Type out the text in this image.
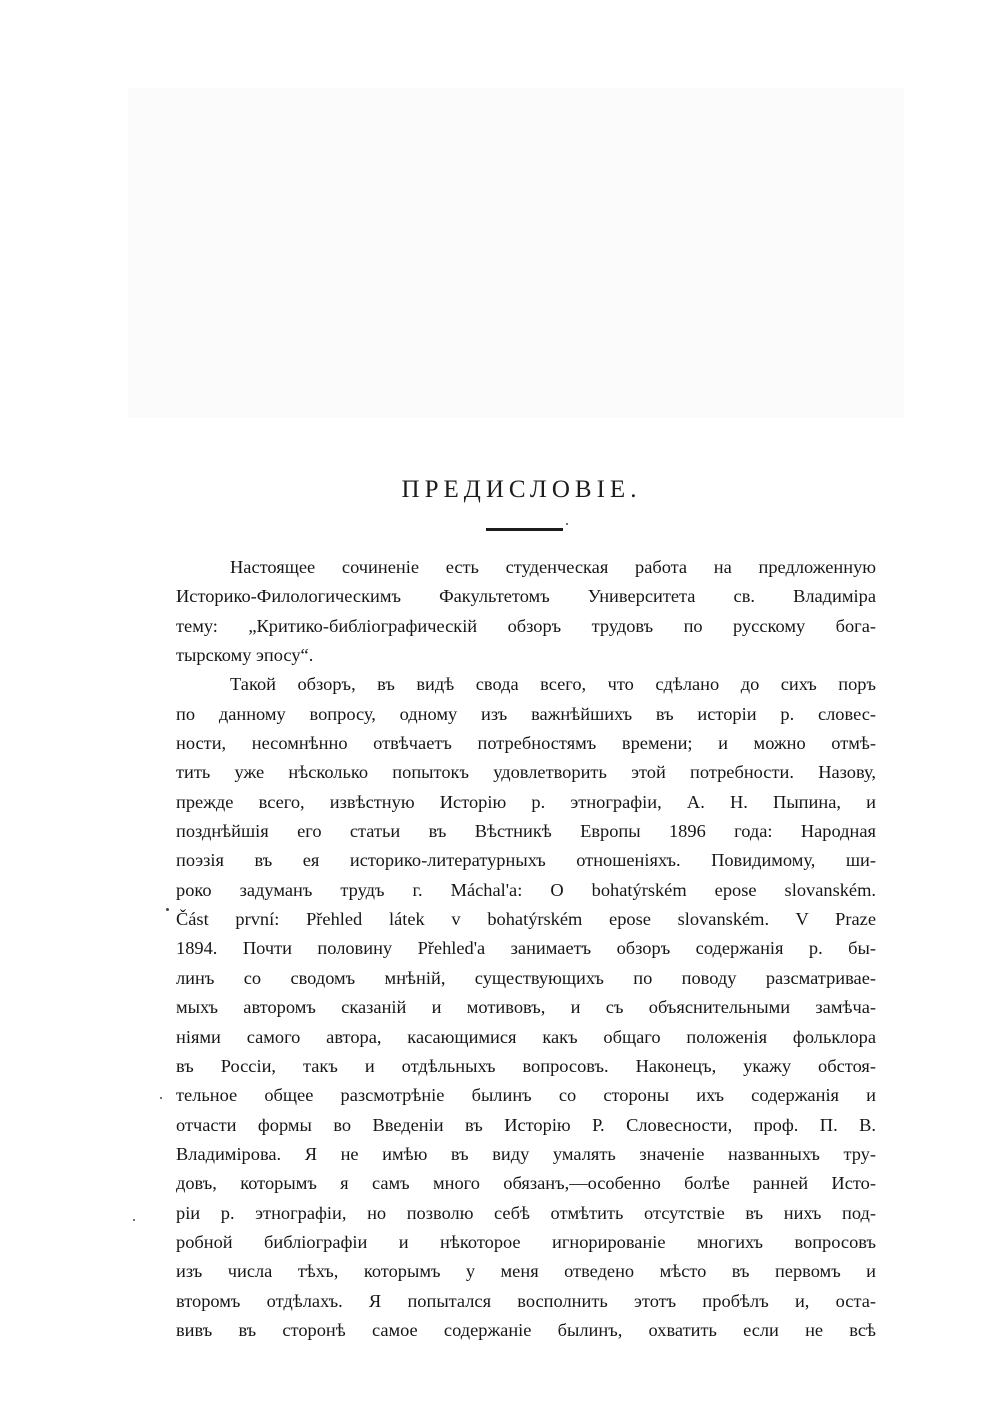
ПРЕДИСЛОВІЕ.
Настоящее сочиненіе есть студенческая работа на предложенную
Историко-Филологическимъ Факультетомъ Университета св. Владиміра
тему: „Критико-библіографическій обзоръ трудовъ по русскому бога-
тырскому эпосу“.
Такой обзоръ, въ видѣ свода всего, что сдѣлано до сихъ поръ
по данному вопросу, одному изъ важнѣйшихъ въ исторіи р. словес-
ности, несомнѣнно отвѣчаетъ потребностямъ времени; и можно отмѣ-
тить уже нѣсколько попытокъ удовлетворить этой потребности. Назову,
прежде всего, извѣстную Исторію р. этнографіи, А. Н. Пыпина, и
позднѣйшія его статьи въ Вѣстникѣ Европы 1896 года: Народная
поэзія въ ея историко-литературныхъ отношеніяхъ. Повидимому, ши-
роко задуманъ трудъ г. Máchal'а: O bohatýrském eposе slovanském.
Část první: Přehled látek v bohatýrském eposе slovanském. V Praze
1894. Почти половину Přehled'а занимаетъ обзоръ содержанія р. бы-
линъ со сводомъ мнѣній, существующихъ по поводу разсматривае-
мыхъ авторомъ сказаній и мотивовъ, и съ объяснительными замѣча-
ніями самого автора, касающимися какъ общаго положенія фольклора
въ Россіи, такъ и отдѣльныхъ вопросовъ. Наконецъ, укажу обстоя-
тельное общее разсмотрѣніе былинъ со стороны ихъ содержанія и
отчасти формы во Введеніи въ Исторію Р. Словесности, проф. П. В.
Владимірова. Я не имѣю въ виду умалять значеніе названныхъ тру-
довъ, которымъ я самъ много обязанъ,—особенно болѣе ранней Исто-
ріи р. этнографіи, но позволю себѣ отмѣтить отсутствіе въ нихъ под-
робной библіографіи и нѣкоторое игнорированіе многихъ вопросовъ
изъ числа тѣхъ, которымъ у меня отведено мѣсто въ первомъ и
второмъ отдѣлахъ. Я попытался восполнить этотъ пробѣлъ и, оста-
вивъ въ сторонѣ самое содержаніе былинъ, охватить если не всѣ
